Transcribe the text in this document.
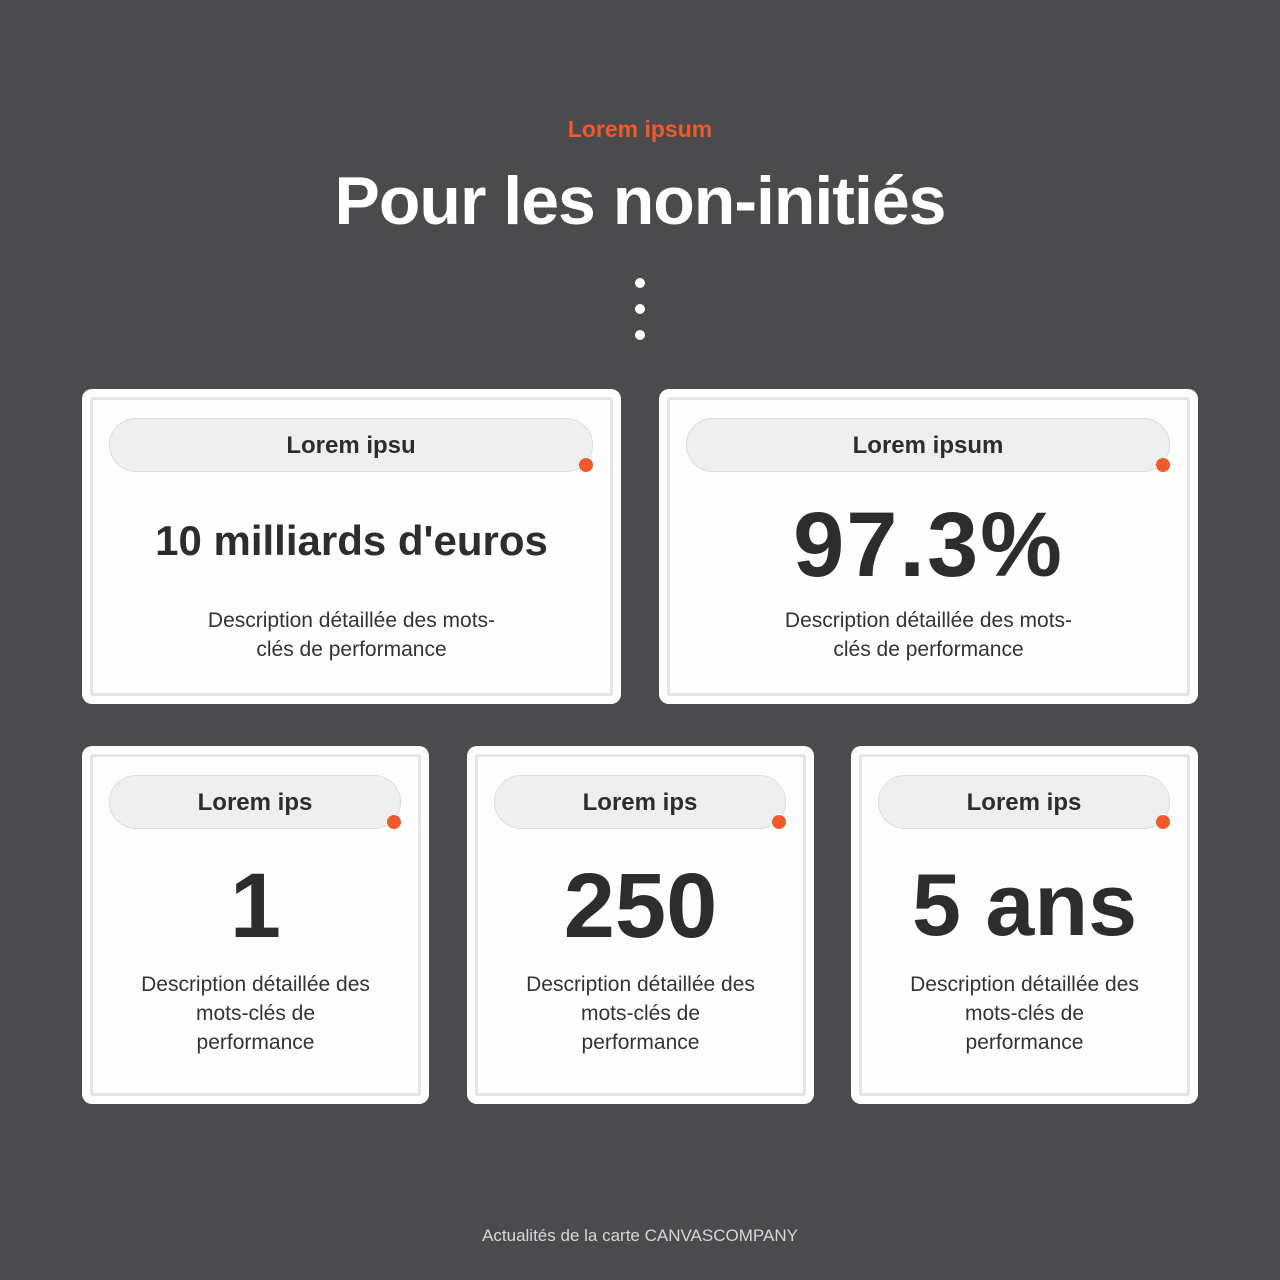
Lorem ipsum
Pour les non-initiés
Lorem ipsu
10 milliards d'euros
Description détaillée des mots-clés de performance
Lorem ipsum
97.3%
Description détaillée des mots-clés de performance
Lorem ips
1
Description détaillée des mots-clés de performance
Lorem ips
250
Description détaillée des mots-clés de performance
Lorem ips
5 ans
Description détaillée des mots-clés de performance
Actualités de la carte CANVASCOMPANY
